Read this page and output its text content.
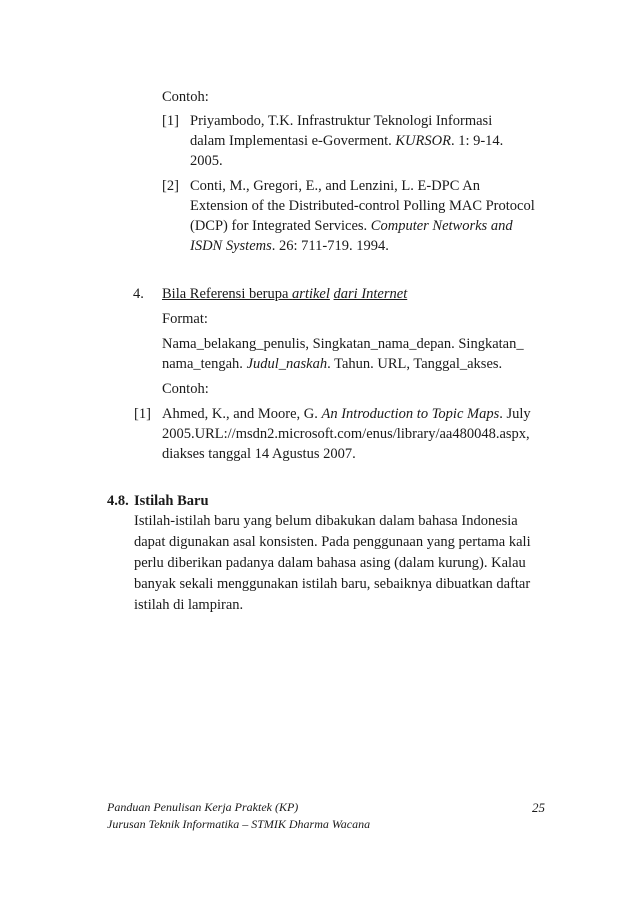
Contoh:
[1] Priyambodo, T.K. Infrastruktur Teknologi Informasi
dalam Implementasi e-Goverment. KURSOR. 1: 9-14.
2005.
[2] Conti, M., Gregori, E., and Lenzini, L. E-DPC An
Extension of the Distributed-control Polling MAC Protocol
(DCP) for Integrated Services. Computer Networks and
ISDN Systems. 26: 711-719. 1994.
4. Bila Referensi berupa artikel dari Internet
Format:
Nama_belakang_penulis, Singkatan_nama_depan. Singkatan_
nama_tengah. Judul_naskah. Tahun. URL, Tanggal_akses.
Contoh:
[1] Ahmed, K., and Moore, G. An Introduction to Topic Maps. July
2005.URL://msdn2.microsoft.com/enus/library/aa480048.aspx,
diakses tanggal 14 Agustus 2007.
4.8. Istilah Baru
Istilah-istilah baru yang belum dibakukan dalam bahasa Indonesia
dapat digunakan asal konsisten. Pada penggunaan yang pertama kali
perlu diberikan padanya dalam bahasa asing (dalam kurung). Kalau
banyak sekali menggunakan istilah baru, sebaiknya dibuatkan daftar
istilah di lampiran.
Panduan Penulisan Kerja Praktek (KP)
Jurusan Teknik Informatika – STMIK Dharma Wacana
25
